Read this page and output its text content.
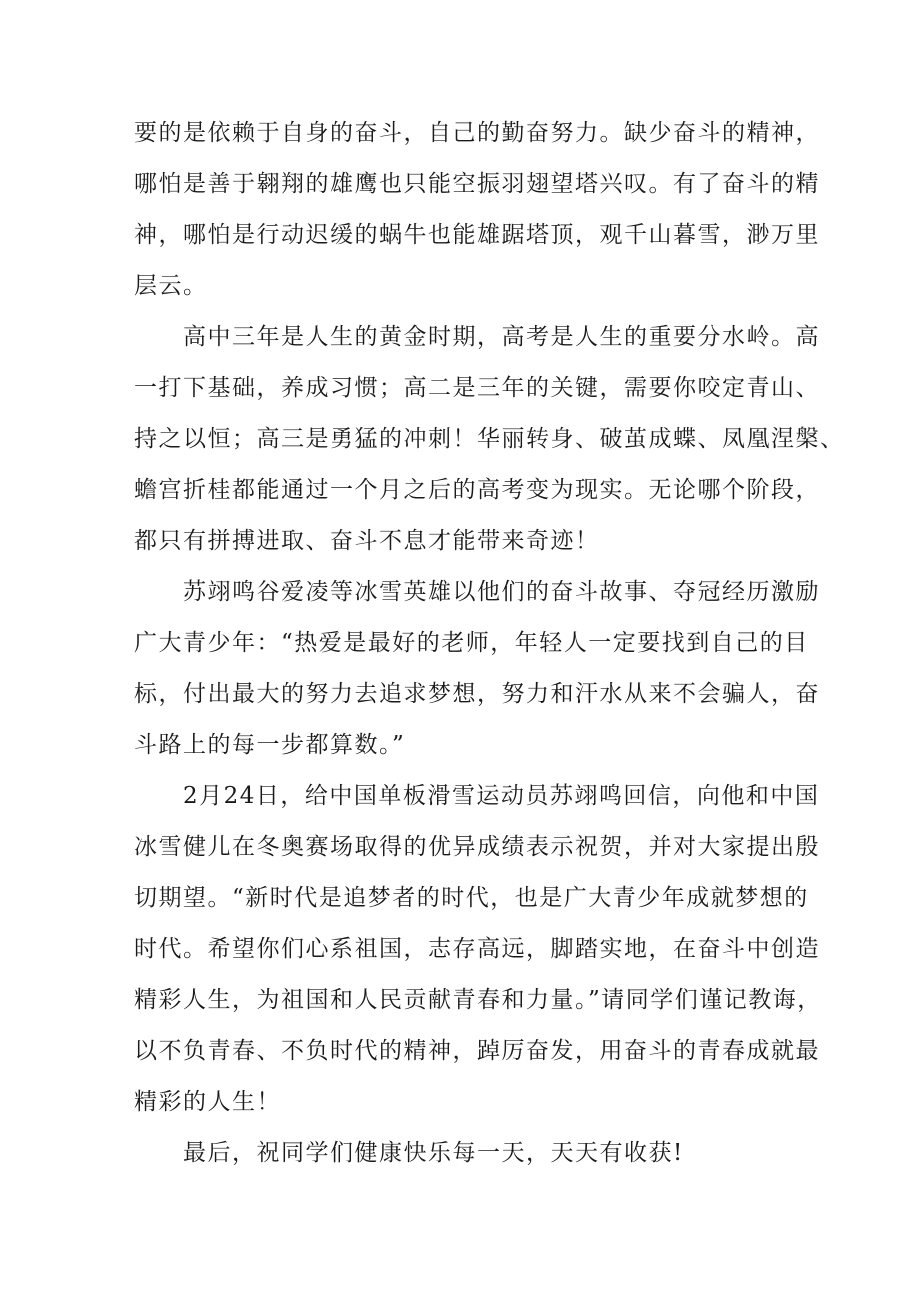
要的是依赖于自身的奋斗，自己的勤奋努力。缺少奋斗的精神，
哪怕是善于翱翔的雄鹰也只能空振羽翅望塔兴叹。有了奋斗的精
神，哪怕是行动迟缓的蜗牛也能雄踞塔顶，观千山暮雪，渺万里
层云。
　　高中三年是人生的黄金时期，高考是人生的重要分水岭。高
一打下基础，养成习惯；高二是三年的关键，需要你咬定青山、
持之以恒；高三是勇猛的冲刺！华丽转身、破茧成蝶、凤凰涅槃、
蟾宫折桂都能通过一个月之后的高考变为现实。无论哪个阶段，
都只有拼搏进取、奋斗不息才能带来奇迹！
　　苏翊鸣谷爱凌等冰雪英雄以他们的奋斗故事、夺冠经历激励
广大青少年：“热爱是最好的老师，年轻人一定要找到自己的目
标，付出最大的努力去追求梦想，努力和汗水从来不会骗人，奋
斗路上的每一步都算数。”
　　2月24日，给中国单板滑雪运动员苏翊鸣回信，向他和中国
冰雪健儿在冬奥赛场取得的优异成绩表示祝贺，并对大家提出殷
切期望。“新时代是追梦者的时代，也是广大青少年成就梦想的
时代。希望你们心系祖国，志存高远，脚踏实地，在奋斗中创造
精彩人生，为祖国和人民贡献青春和力量。”请同学们谨记教诲，
以不负青春、不负时代的精神，踔厉奋发，用奋斗的青春成就最
精彩的人生！
　　最后，祝同学们健康快乐每一天，天天有收获!
